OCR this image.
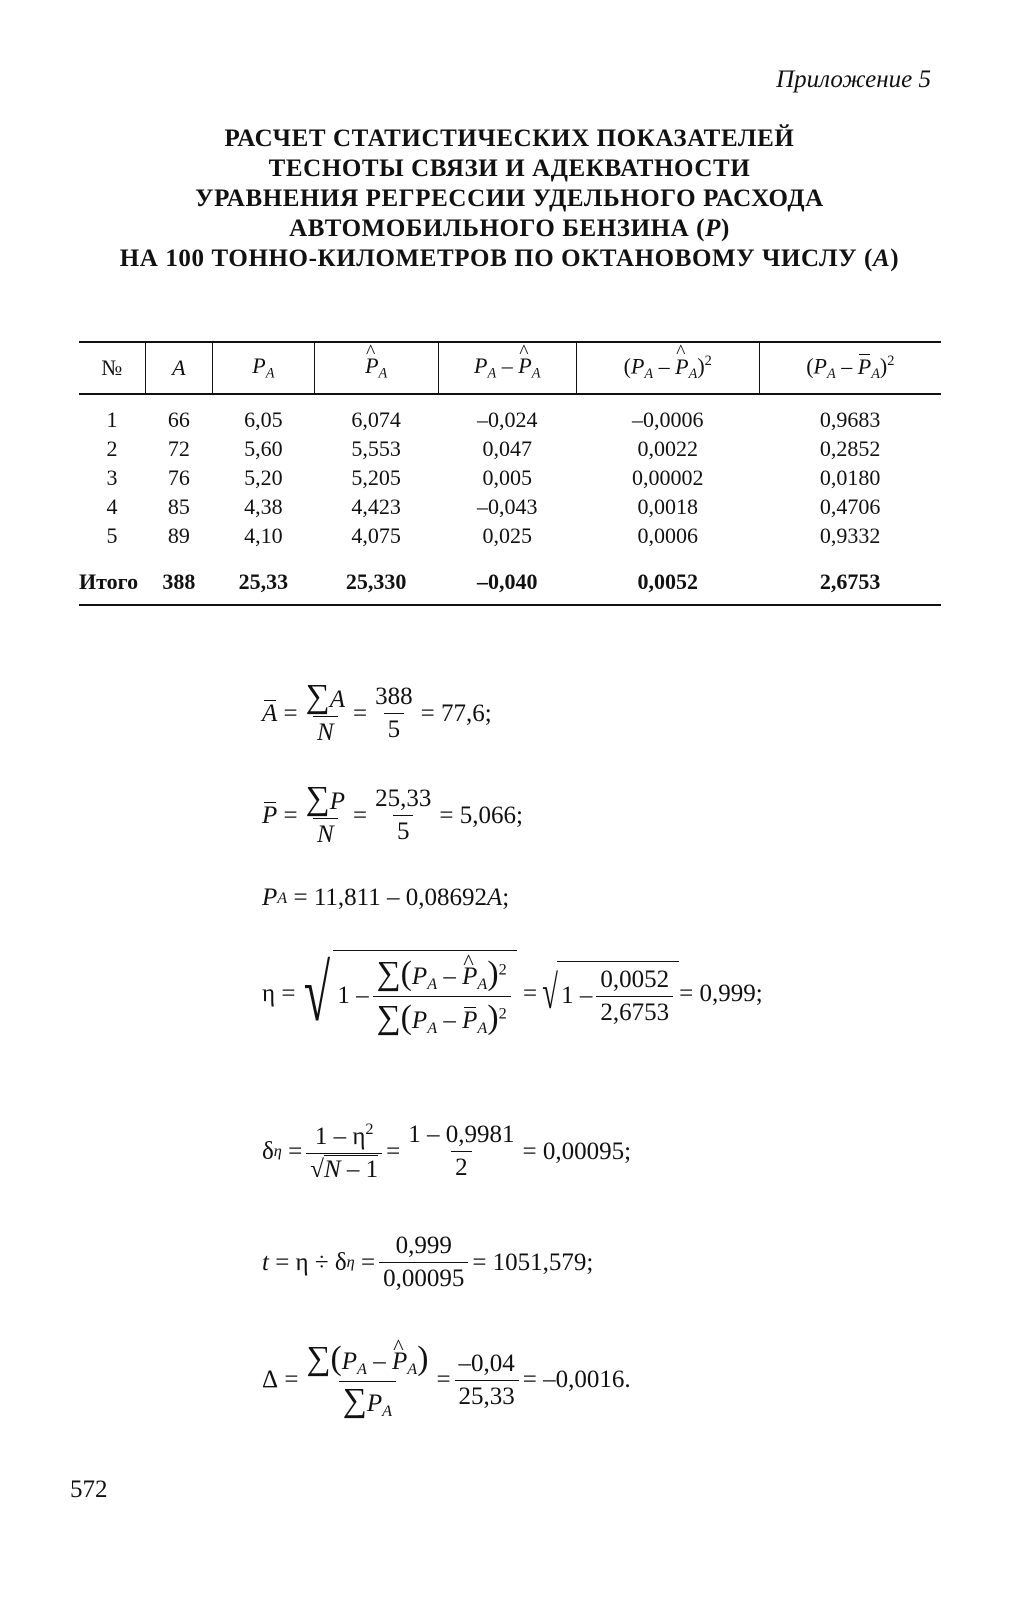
Приложение 5
РАСЧЕТ СТАТИСТИЧЕСКИХ ПОКАЗАТЕЛЕЙ
ТЕСНОТЫ СВЯЗИ И АДЕКВАТНОСТИ
УРАВНЕНИЯ РЕГРЕССИИ УДЕЛЬНОГО РАСХОДА
АВТОМОБИЛЬНОГО БЕНЗИНА (P)
НА 100 ТОННО-КИЛОМЕТРОВ ПО ОКТАНОВОМУ ЧИСЛУ (A)
№	A	$P_A$	^ $P_A$	$P_A$ – ^ $P_A$	($P_A$ – ^ $P_A)^2$	$(P_A - P_A)^2$
1	66	6,05	6,074	–0,024	–0,0006	0,9683
2	72	5,60	5,553	0,047	0,0022	0,2852
3	76	5,20	5,205	0,005	0,00002	0,0180
4	85	4,38	4,423	–0,043	0,0018	0,4706
5	89	4,10	4,075	0,025	0,0006	0,9332
Итого	388	25,33	25,330	–0,040	0,0052	2,6753
$A = \frac{\sum A}{N} = \frac{388}{5} = 77,6$;
$P = \frac{\sum P}{N} = \frac{25,33}{5} = 5,066$;
P A
= 11,811 – 0,08692 A ;
η = √ $1 - \frac{\sum(P_A - \^{} P_A)^2}{\sum(P_A - P_A)^2}$ = √ $1 - \frac{0,0052}{2,6753} = 0,999$;
δ $\eta = \frac{1 - \eta^2}{√N - 1} = \frac{1 - 0,9981}{2} = 0,00095$;
t
= η ÷ δ $\eta = \frac{0,999}{0,00095} = 1051,579$;
$\Delta = \frac{\sum(P_A - \^{} P_A)}{\sum P_A} = \frac{-0,04}{25,33} = -0,0016$.
572
